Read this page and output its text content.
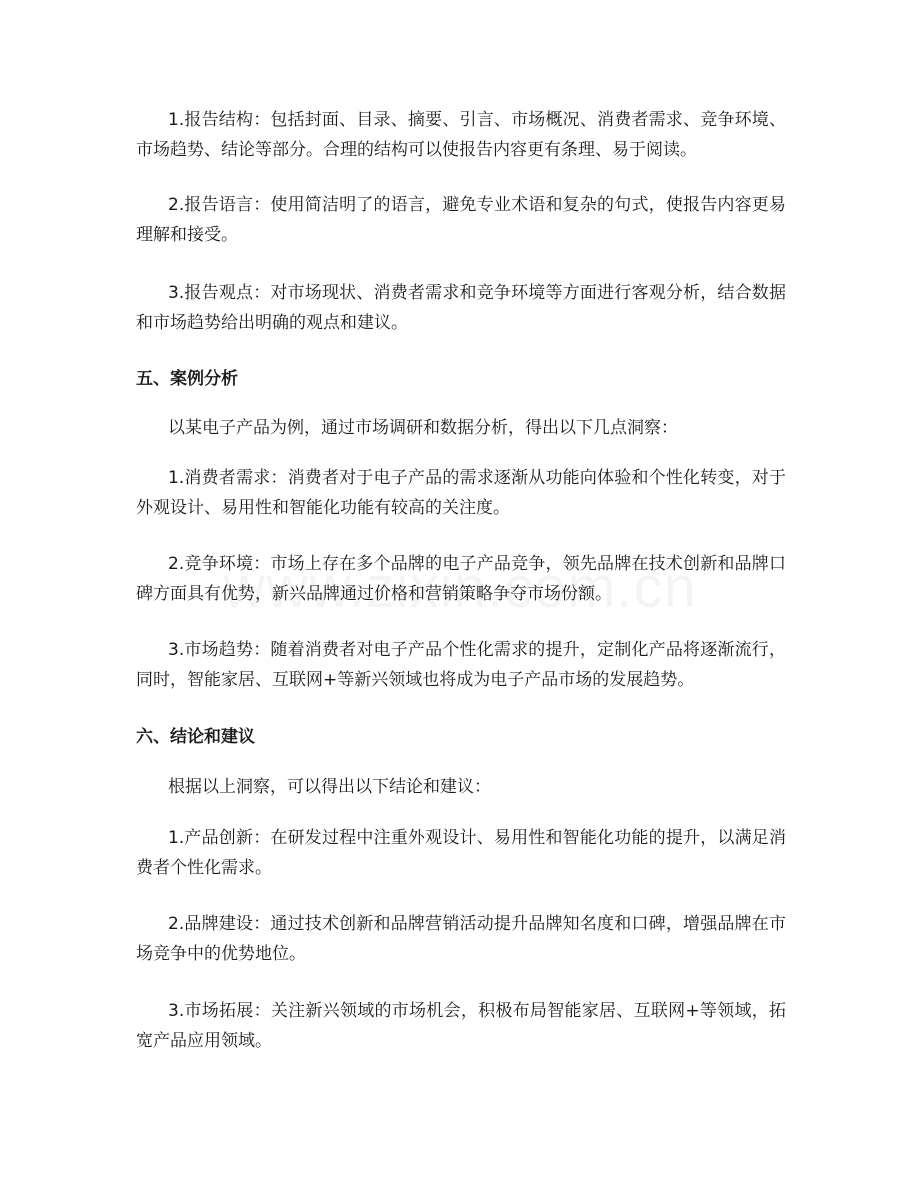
1.报告结构：包括封面、目录、摘要、引言、市场概况、消费者需求、竞争环境、市场趋势、结论等部分。合理的结构可以使报告内容更有条理、易于阅读。

2.报告语言：使用简洁明了的语言，避免专业术语和复杂的句式，使报告内容更易理解和接受。

3.报告观点：对市场现状、消费者需求和竞争环境等方面进行客观分析，结合数据和市场趋势给出明确的观点和建议。

五、案例分析

以某电子产品为例，通过市场调研和数据分析，得出以下几点洞察：

1.消费者需求：消费者对于电子产品的需求逐渐从功能向体验和个性化转变，对于外观设计、易用性和智能化功能有较高的关注度。

2.竞争环境：市场上存在多个品牌的电子产品竞争，领先品牌在技术创新和品牌口碑方面具有优势，新兴品牌通过价格和营销策略争夺市场份额。

3.市场趋势：随着消费者对电子产品个性化需求的提升，定制化产品将逐渐流行，同时，智能家居、互联网+等新兴领域也将成为电子产品市场的发展趋势。

六、结论和建议

根据以上洞察，可以得出以下结论和建议：

1.产品创新：在研发过程中注重外观设计、易用性和智能化功能的提升，以满足消费者个性化需求。

2.品牌建设：通过技术创新和品牌营销活动提升品牌知名度和口碑，增强品牌在市场竞争中的优势地位。

3.市场拓展：关注新兴领域的市场机会，积极布局智能家居、互联网+等领域，拓宽产品应用领域。
